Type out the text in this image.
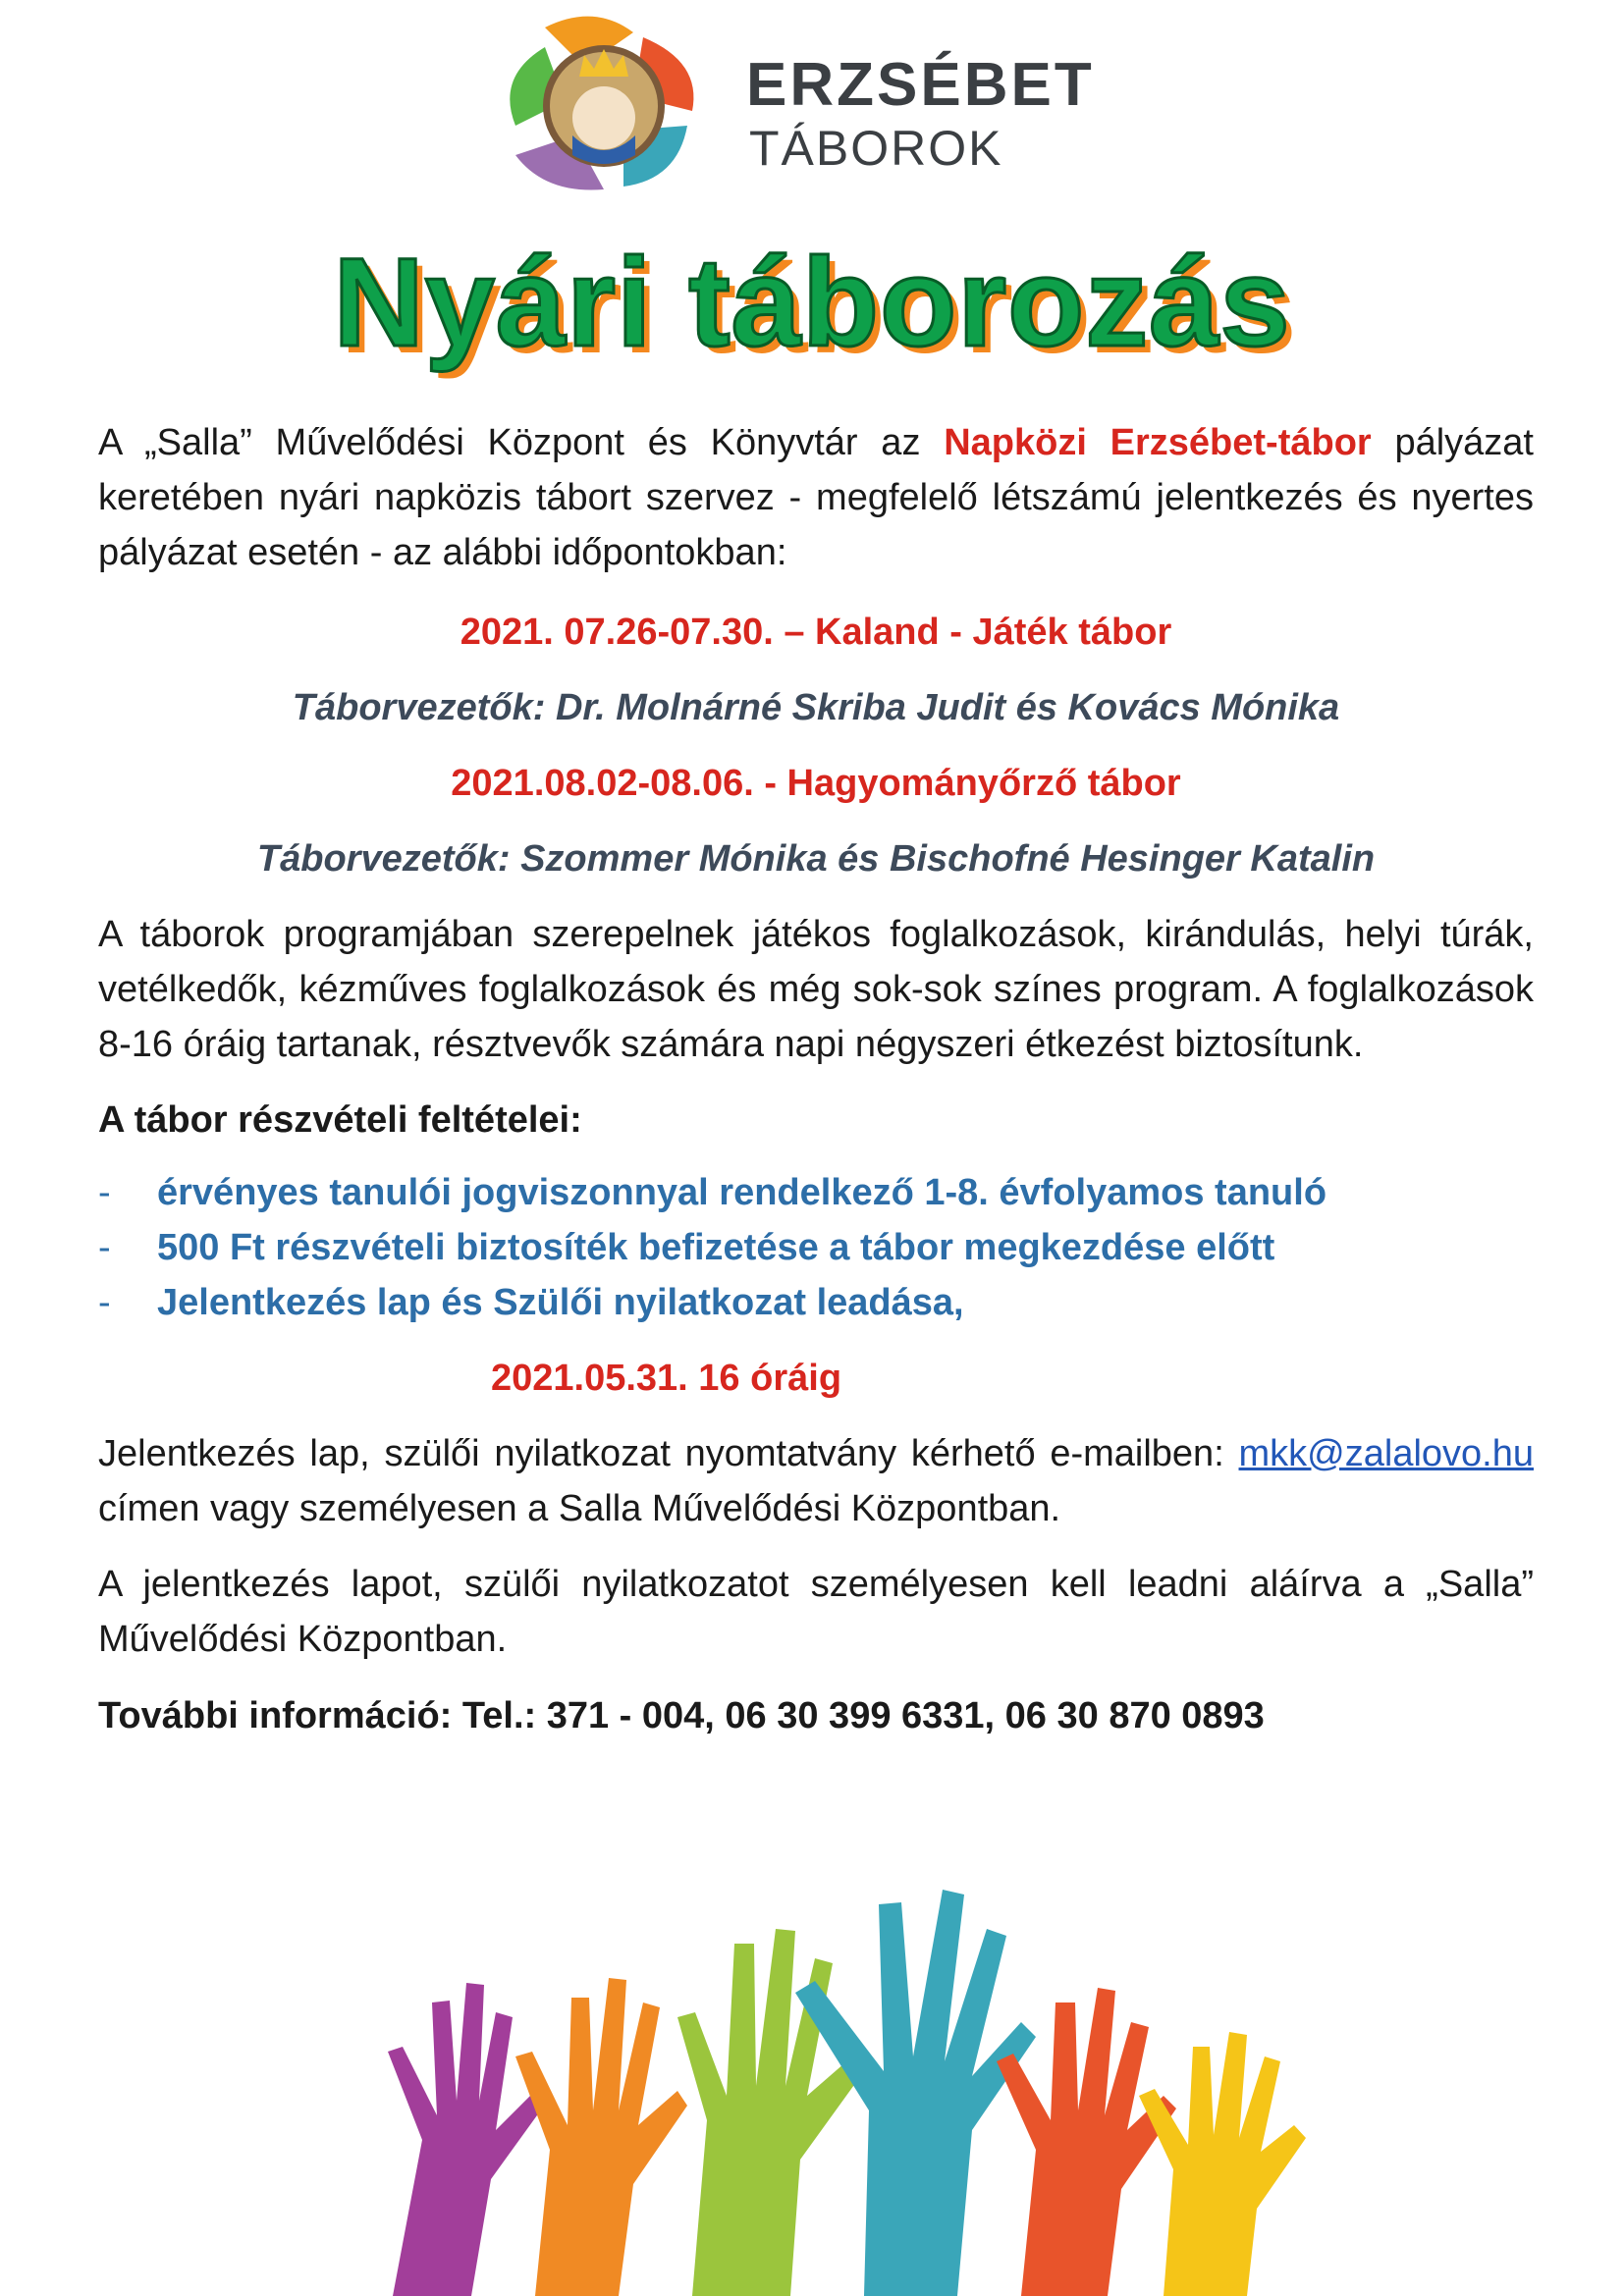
ERZSÉBET
TÁBOROK
Nyári táborozás

A „Salla” Művelődési Központ és Könyvtár az Napközi Erzsébet-tábor pályázat keretében nyári napközis tábort szervez - megfelelő létszámú jelentkezés és nyertes pályázat esetén - az alábbi időpontokban:

2021. 07.26-07.30. – Kaland - Játék tábor

Táborvezetők: Dr. Molnárné Skriba Judit és Kovács Mónika

2021.08.02-08.06. - Hagyományőrző tábor

Táborvezetők: Szommer Mónika és Bischofné Hesinger Katalin

A táborok programjában szerepelnek játékos foglalkozások, kirándulás, helyi túrák, vetélkedők, kézműves foglalkozások és még sok-sok színes program. A foglalkozások 8-16 óráig tartanak, résztvevők számára napi négyszeri étkezést biztosítunk.

A tábor részvételi feltételei:
- érvényes tanulói jogviszonnyal rendelkező 1-8. évfolyamos tanuló
- 500 Ft részvételi biztosíték befizetése a tábor megkezdése előtt
- Jelentkezés lap és Szülői nyilatkozat leadása,

2021.05.31. 16 óráig

Jelentkezés lap, szülői nyilatkozat nyomtatvány kérhető e-mailben: mkk@zalalovo.hu címen vagy személyesen a Salla Művelődési Központban.

A jelentkezés lapot, szülői nyilatkozatot személyesen kell leadni aláírva a „Salla” Művelődési Központban.

További információ: Tel.: 371 - 004, 06 30 399 6331, 06 30 870 0893
